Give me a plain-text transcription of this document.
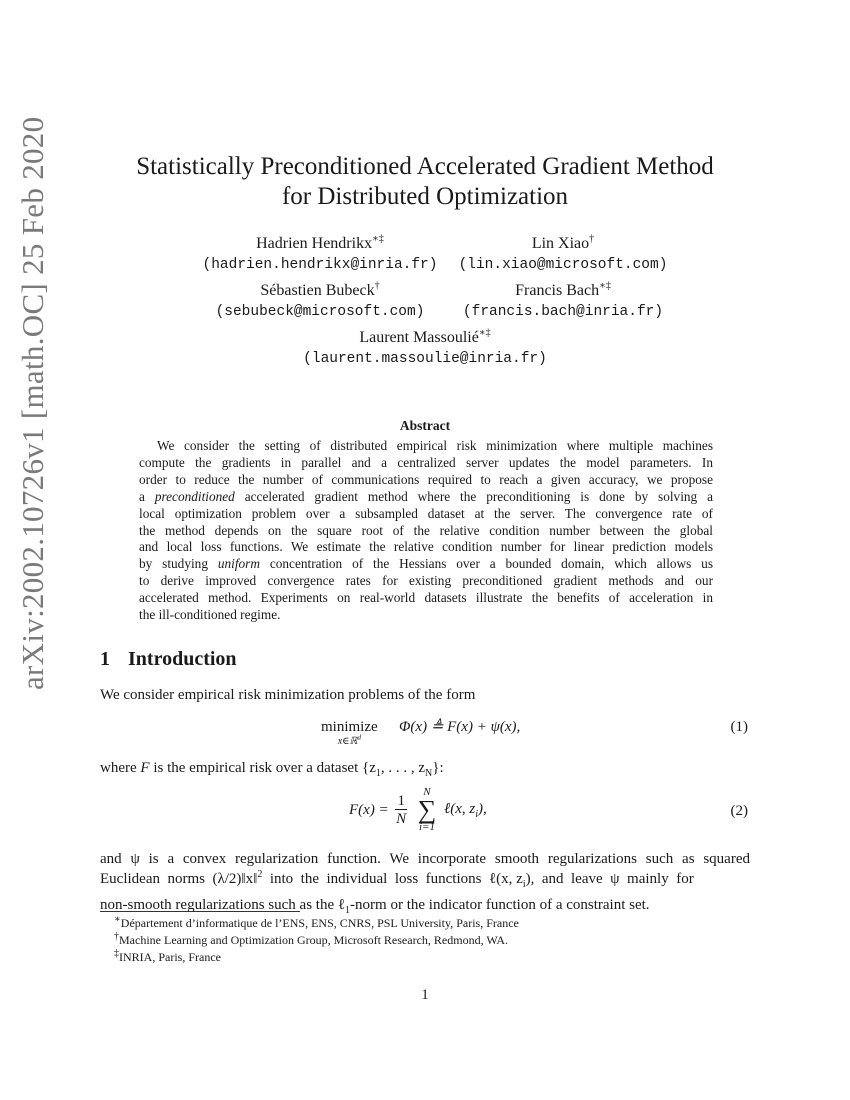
arXiv:2002.10726v1 [math.OC] 25 Feb 2020	Statistically Preconditioned Accelerated Gradient Method
for Distributed Optimization
Hadrien Hendrikx∗‡
(hadrien.hendrikx@inria.fr)
Lin Xiao†
(lin.xiao@microsoft.com)
Sébastien Bubeck†
(sebubeck@microsoft.com)
Francis Bach∗‡
(francis.bach@inria.fr)
Laurent Massoulié∗‡
(laurent.massoulie@inria.fr)
Abstract
We consider the setting of distributed empirical risk minimization where multiple machines
compute the gradients in parallel and a centralized server updates the model parameters. In
order to reduce the number of communications required to reach a given accuracy, we propose
a preconditioned accelerated gradient method where the preconditioning is done by solving a
local optimization problem over a subsampled dataset at the server. The convergence rate of
the method depends on the square root of the relative condition number between the global
and local loss functions. We estimate the relative condition number for linear prediction models
by studying uniform concentration of the Hessians over a bounded domain, which allows us
to derive improved convergence rates for existing preconditioned gradient methods and our
accelerated method. Experiments on real-world datasets illustrate the benefits of acceleration in
the ill-conditioned regime.
1 Introduction
We consider empirical risk minimization problems of the form
minimize
x∈ℝ$^d$
Φ(x) ≜ F(x) + ψ(x),	(1)
where F is the empirical risk over a dataset {$z_1$, . . . , $z_N$}:
$F(x) = \frac{1}{N}$

N
∑
i=1
ℓ(x, $z_i$),	(2)
and ψ is a convex regularization function. We incorporate smooth regularizations such as squared
Euclidean  norms  (λ/2)‖x‖$^2$  into  the  individual  loss  functions  ℓ(x, $z_i$),  and  leave  ψ  mainly  for
non-smooth regularizations such as the ℓ$_1$-norm or the indicator function of a constraint set.
∗Département d’informatique de l’ENS, ENS, CNRS, PSL University, Paris, France
†Machine Learning and Optimization Group, Microsoft Research, Redmond, WA.
‡INRIA, Paris, France
1
